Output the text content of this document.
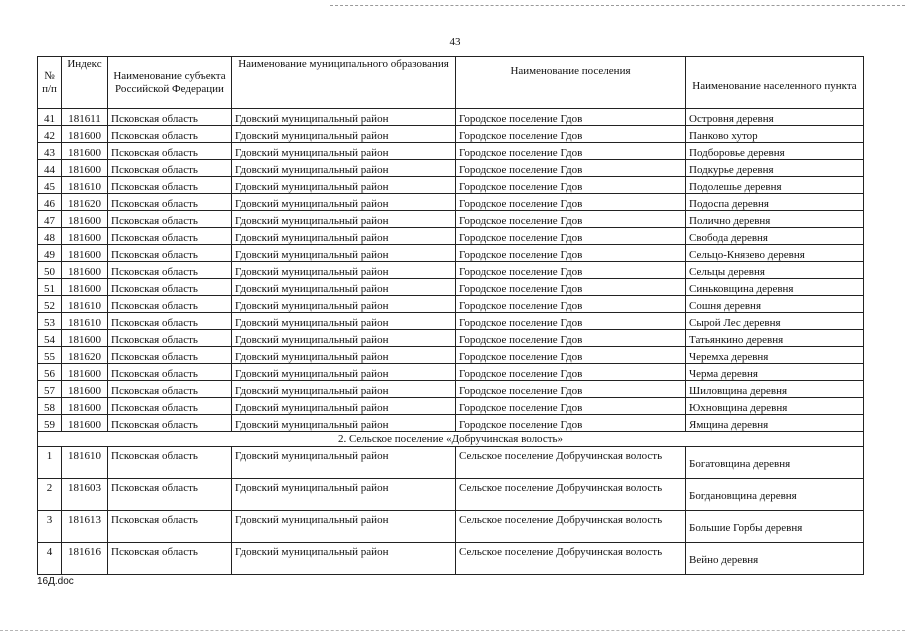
43
№ п/п	Индекс	Наименование субъекта Российской Федерации	Наименование муниципального образования	Наименование поселения	Наименование населенного пункта
41	181611	Псковская область	Гдовский муниципальный район	Городское поселение Гдов	Островня деревня
42	181600	Псковская область	Гдовский муниципальный район	Городское поселение Гдов	Панково хутор
43	181600	Псковская область	Гдовский муниципальный район	Городское поселение Гдов	Подборовье деревня
44	181600	Псковская область	Гдовский муниципальный район	Городское поселение Гдов	Подкурье деревня
45	181610	Псковская область	Гдовский муниципальный район	Городское поселение Гдов	Подолешье деревня
46	181620	Псковская область	Гдовский муниципальный район	Городское поселение Гдов	Подоспа деревня
47	181600	Псковская область	Гдовский муниципальный район	Городское поселение Гдов	Полично деревня
48	181600	Псковская область	Гдовский муниципальный район	Городское поселение Гдов	Свобода деревня
49	181600	Псковская область	Гдовский муниципальный район	Городское поселение Гдов	Сельцо-Князево деревня
50	181600	Псковская область	Гдовский муниципальный район	Городское поселение Гдов	Сельцы деревня
51	181600	Псковская область	Гдовский муниципальный район	Городское поселение Гдов	Синьковщина деревня
52	181610	Псковская область	Гдовский муниципальный район	Городское поселение Гдов	Сошня деревня
53	181610	Псковская область	Гдовский муниципальный район	Городское поселение Гдов	Сырой Лес деревня
54	181600	Псковская область	Гдовский муниципальный район	Городское поселение Гдов	Татьянкино деревня
55	181620	Псковская область	Гдовский муниципальный район	Городское поселение Гдов	Черемха деревня
56	181600	Псковская область	Гдовский муниципальный район	Городское поселение Гдов	Черма деревня
57	181600	Псковская область	Гдовский муниципальный район	Городское поселение Гдов	Шиловщина деревня
58	181600	Псковская область	Гдовский муниципальный район	Городское поселение Гдов	Юхновщина деревня
59	181600	Псковская область	Гдовский муниципальный район	Городское поселение Гдов	Ямщина деревня
2. Сельское поселение «Добручинская волость»					
1	181610	Псковская область	Гдовский муниципальный район	Сельское поселение Добручинская волость	Богатовщина деревня
2	181603	Псковская область	Гдовский муниципальный район	Сельское поселение Добручинская волость	Богдановщина деревня
3	181613	Псковская область	Гдовский муниципальный район	Сельское поселение Добручинская волость	Большие Горбы деревня
4	181616	Псковская область	Гдовский муниципальный район	Сельское поселение Добручинская волость	Вейно деревня
16Д.doc
